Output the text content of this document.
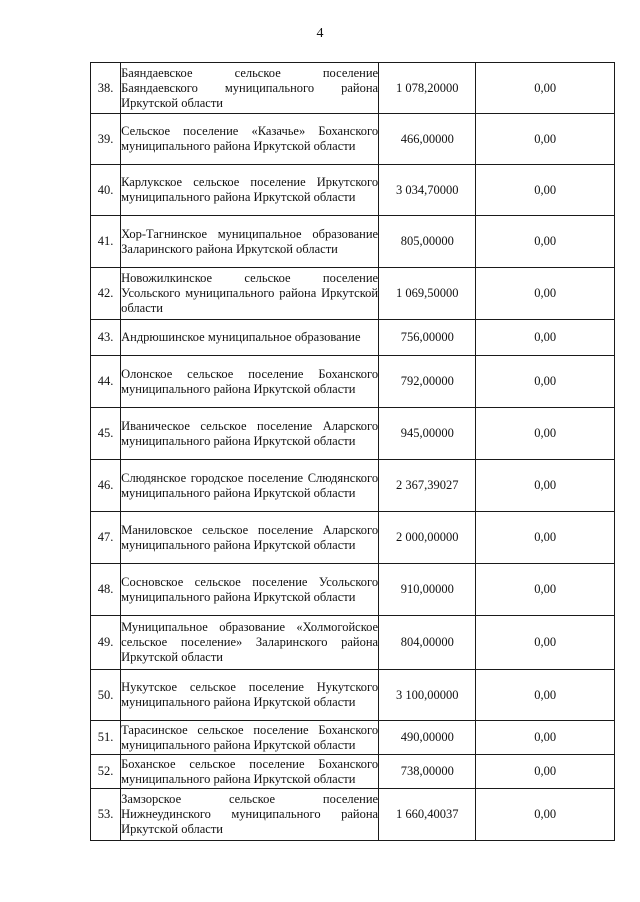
4
38.	Баяндаевское сельское поселение Баяндаевского муниципального района Иркутской области	1 078,20000	0,00
39.	Сельское поселение «Казачье» Боханского муниципального района Иркутской области	466,00000	0,00
40.	Карлукское сельское поселение Иркутского муниципального района Иркутской области	3 034,70000	0,00
41.	Хор-Тагнинское муниципальное образование Заларинского района Иркутской области	805,00000	0,00
42.	Новожилкинское сельское поселение Усольского муниципального района Иркутской области	1 069,50000	0,00
43.	Андрюшинское муниципальное образование	756,00000	0,00
44.	Олонское сельское поселение Боханского муниципального района Иркутской области	792,00000	0,00
45.	Иваническое сельское поселение Аларского муниципального района Иркутской области	945,00000	0,00
46.	Слюдянское городское поселение Слюдянского муниципального района Иркутской области	2 367,39027	0,00
47.	Маниловское сельское поселение Аларского муниципального района Иркутской области	2 000,00000	0,00
48.	Сосновское сельское поселение Усольского муниципального района Иркутской области	910,00000	0,00
49.	Муниципальное образование «Холмогойское сельское поселение» Заларинского района Иркутской области	804,00000	0,00
50.	Нукутское сельское поселение Нукутского муниципального района Иркутской области	3 100,00000	0,00
51.	Тарасинское сельское поселение Боханского муниципального района Иркутской области	490,00000	0,00
52.	Боханское сельское поселение Боханского муниципального района Иркутской области	738,00000	0,00
53.	Замзорское сельское поселение Нижнеудинского муниципального района Иркутской области	1 660,40037	0,00
